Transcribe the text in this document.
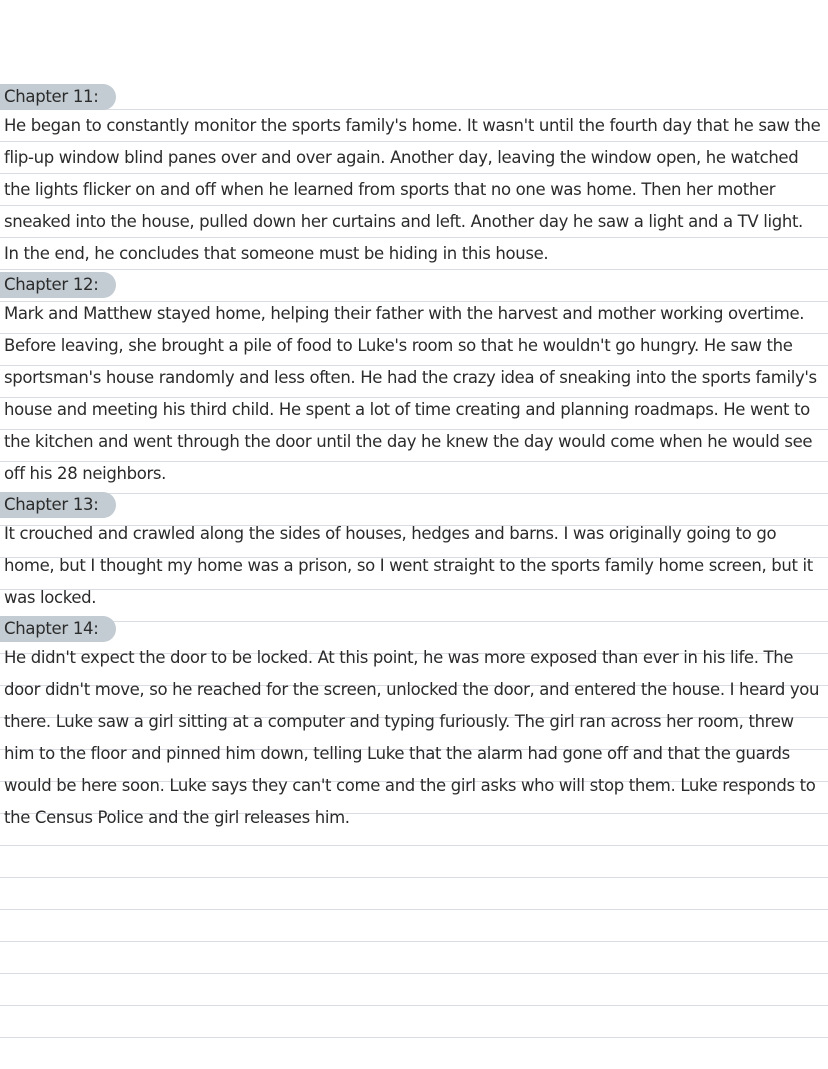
Chapter 11:

He began to constantly monitor the sports family's home. It wasn't until the fourth day that he saw the flip-up window blind panes over and over again. Another day, leaving the window open, he watched the lights flicker on and off when he learned from sports that no one was home. Then her mother sneaked into the house, pulled down her curtains and left. Another day he saw a light and a TV light. In the end, he concludes that someone must be hiding in this house.

Chapter 12:

Mark and Matthew stayed home, helping their father with the harvest and mother working overtime. Before leaving, she brought a pile of food to Luke's room so that he wouldn't go hungry. He saw the sportsman's house randomly and less often. He had the crazy idea of sneaking into the sports family's house and meeting his third child. He spent a lot of time creating and planning roadmaps. He went to the kitchen and went through the door until the day he knew the day would come when he would see off his 28 neighbors.

Chapter 13:

It crouched and crawled along the sides of houses, hedges and barns. I was originally going to go home, but I thought my home was a prison, so I went straight to the sports family home screen, but it was locked.

Chapter 14:

He didn't expect the door to be locked. At this point, he was more exposed than ever in his life. The door didn't move, so he reached for the screen, unlocked the door, and entered the house. I heard you there. Luke saw a girl sitting at a computer and typing furiously. The girl ran across her room, threw him to the floor and pinned him down, telling Luke that the alarm had gone off and that the guards would be here soon. Luke says they can't come and the girl asks who will stop them. Luke responds to the Census Police and the girl releases him.
